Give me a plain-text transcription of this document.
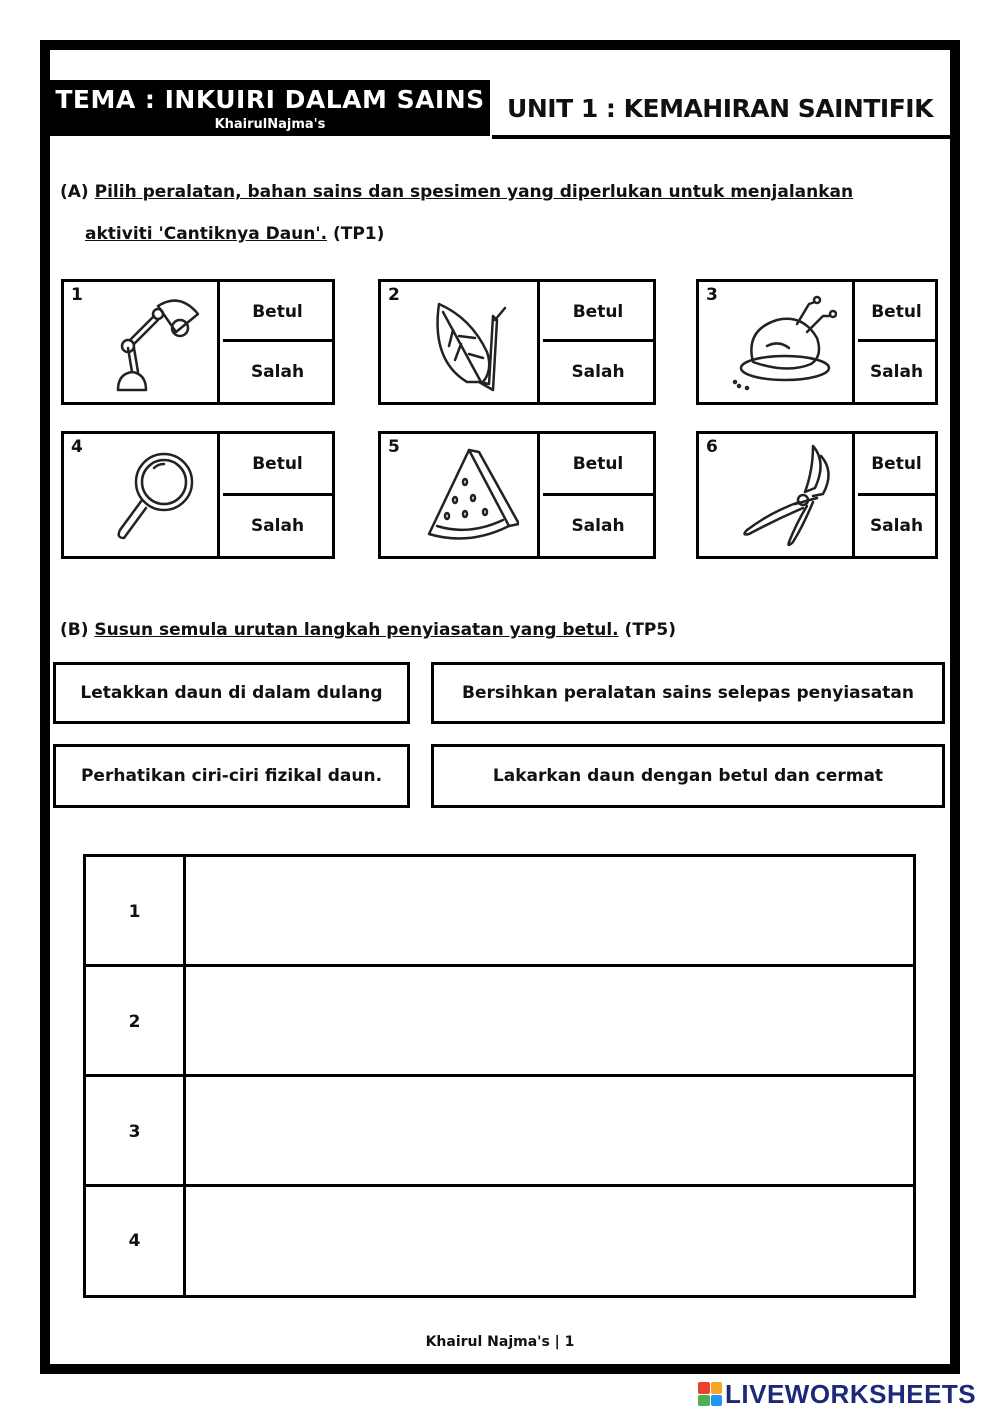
TEMA : INKUIRI DALAM SAINS
KhairulNajma's
UNIT 1 : KEMAHIRAN SAINTIFIK
(A) Pilih peralatan, bahan sains dan spesimen yang diperlukan untuk menjalankan
aktiviti 'Cantiknya Daun'. (TP1)
1
Betul
Salah
2
Betul
Salah
3
Betul
Salah
4
Betul
Salah
5
Betul
Salah
6
Betul
Salah
(B) Susun semula urutan langkah penyiasatan yang betul. (TP5)
Letakkan daun di dalam dulang	Bersihkan peralatan sains selepas penyiasatan
Perhatikan ciri-ciri fizikal daun.	Lakarkan daun dengan betul dan cermat
1
2
3
4
Khairul Najma's | 1
LIVEWORKSHEETS
